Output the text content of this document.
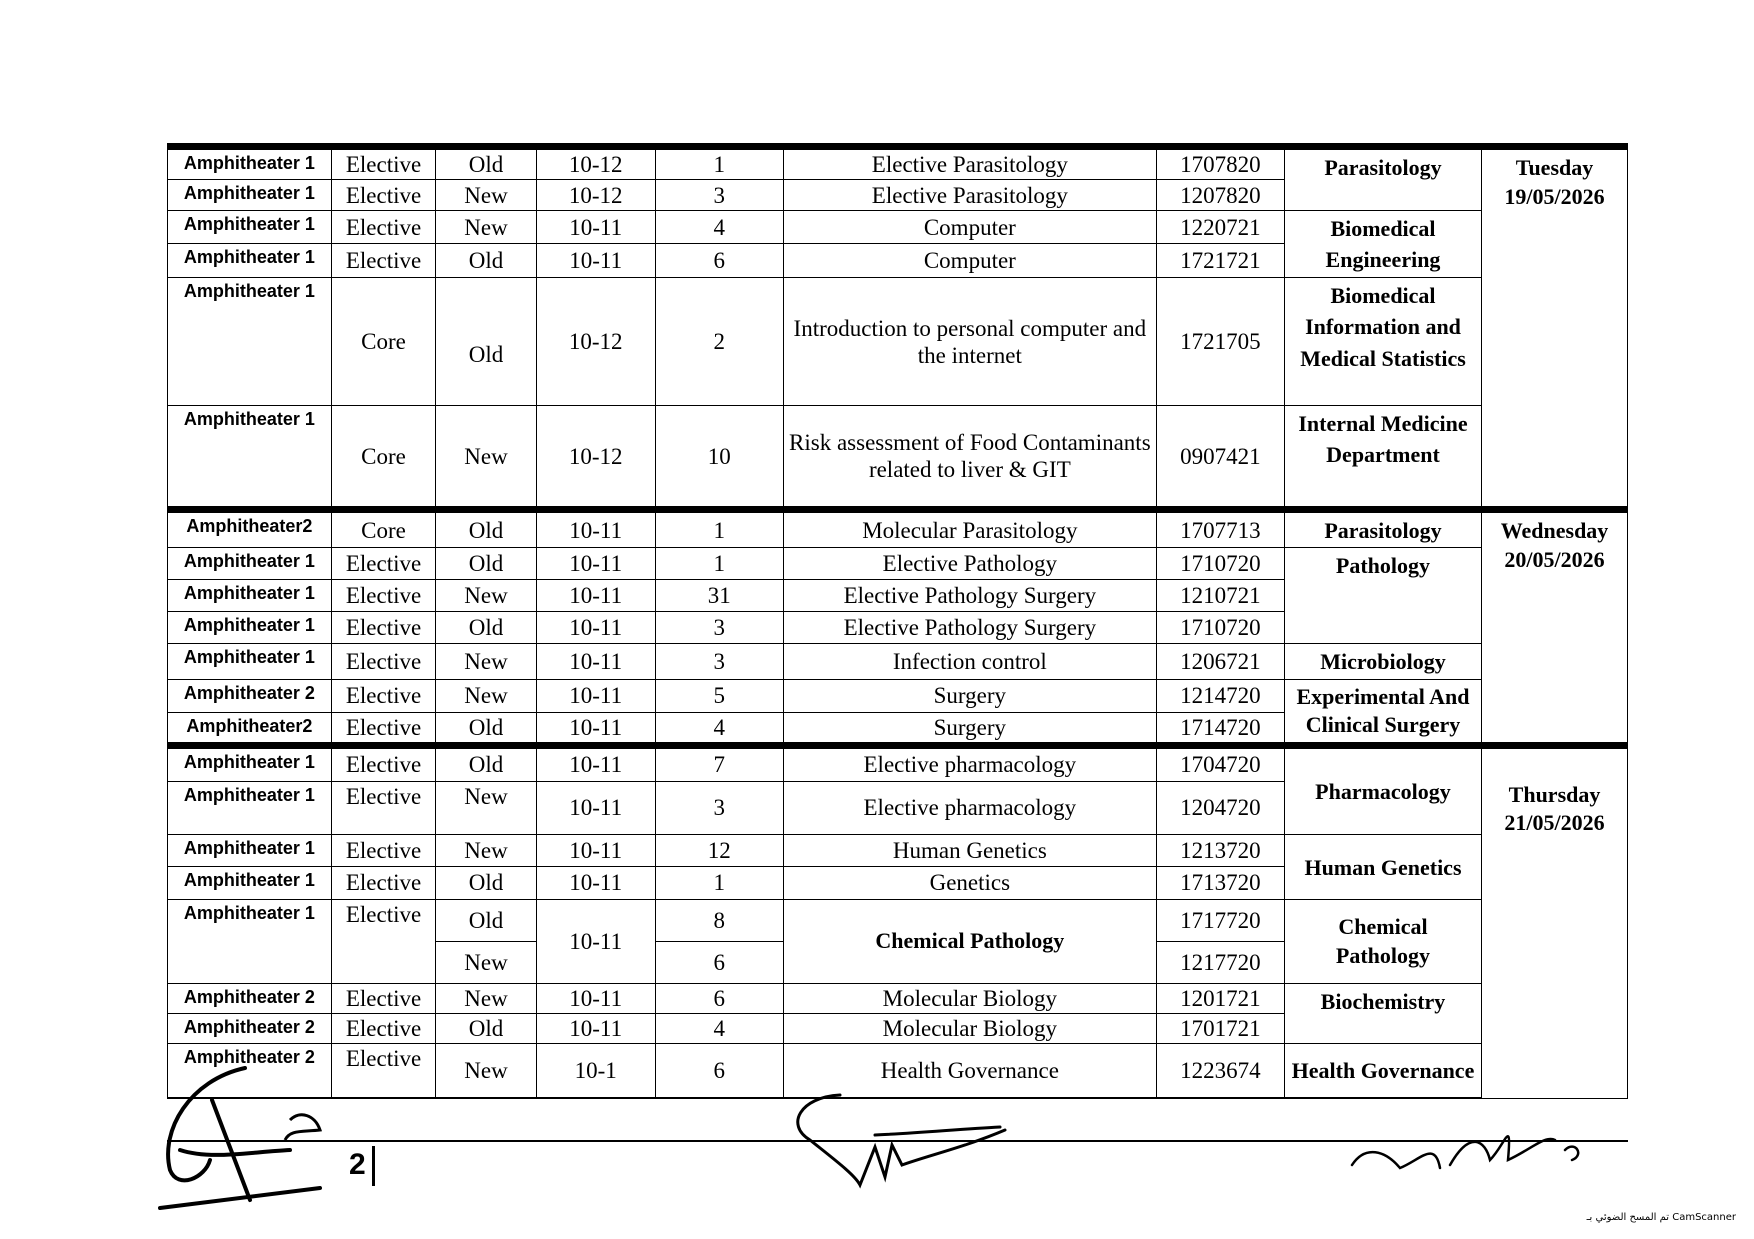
Amphitheater 1	Elective	Old	10-12	1	Elective Parasitology	1707820	Parasitology	Tuesday
19/05/2026

Amphitheater 1	Elective	New	10-12	3	Elective Parasitology	1207820		
Amphitheater 1	Elective	New	10-11	4	Computer	1220721	Biomedical Engineering	
Amphitheater 1	Elective	Old	10-11	6	Computer	1721721		
Amphitheater 1	Core	Old	10-12	2	Introduction to personal computer and the internet	1721705	Biomedical Information and Medical Statistics	
Amphitheater 1	Core	New	10-12	10	Risk assessment of Food Contaminants related to liver & GIT	0907421	Internal Medicine Department	
Amphitheater2	Core	Old	10-11	1	Molecular Parasitology	1707713	Parasitology	Wednesday
20/05/2026

Amphitheater 1	Elective	Old	10-11	1	Elective Pathology	1710720	Pathology	
Amphitheater 1	Elective	New	10-11	31	Elective Pathology Surgery	1210721		
Amphitheater 1	Elective	Old	10-11	3	Elective Pathology Surgery	1710720		
Amphitheater 1	Elective	New	10-11	3	Infection control	1206721	Microbiology	
Amphitheater 2	Elective	New	10-11	5	Surgery	1214720	Experimental And Clinical Surgery	
Amphitheater2	Elective	Old	10-11	4	Surgery	1714720		
Amphitheater 1	Elective	Old	10-11	7	Elective pharmacology	1704720	Pharmacology	Thursday
21/05/2026

Amphitheater 1	Elective	New	10-11	3	Elective pharmacology	1204720		
Amphitheater 1	Elective	New	10-11	12	Human Genetics	1213720	Human Genetics	
Amphitheater 1	Elective	Old	10-11	1	Genetics	1713720		
Amphitheater 1	Elective	Old	10-11	8	Chemical Pathology	1717720	Chemical Pathology	
		New		6		1217720		
Amphitheater 2	Elective	New	10-11	6	Molecular Biology	1201721	Biochemistry	
Amphitheater 2	Elective	Old	10-11	4	Molecular Biology	1701721		
Amphitheater 2	Elective	New	10-1	6	Health Governance	1223674	Health Governance	
2
تم المسح الضوئي بـ CamScanner
